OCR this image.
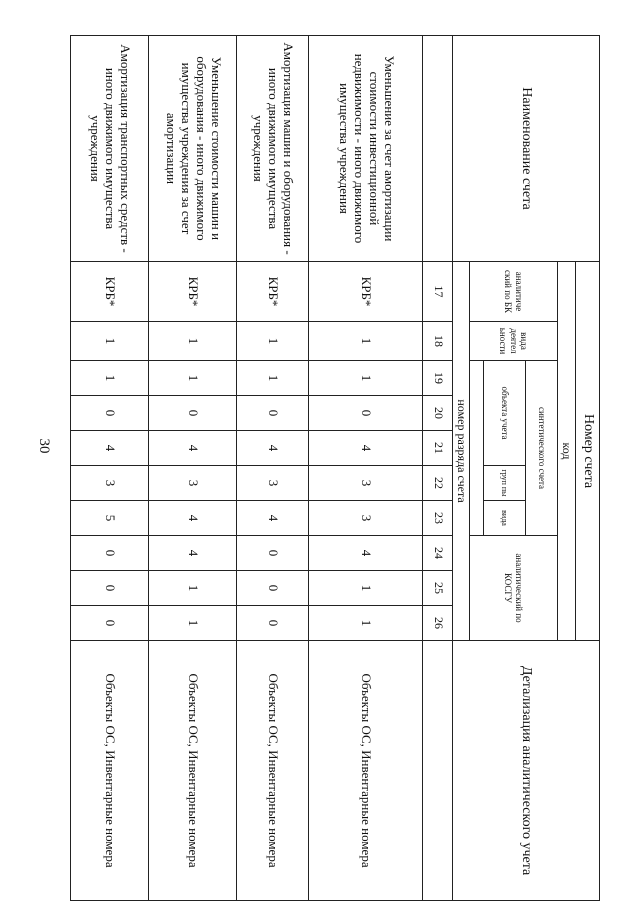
30
Наименование счета	Номер счета										Детализация аналитического учета
	код										
	аналитиче ский по БК	вида деятел ьности	синтетического счета					аналитический по КОСГУ			
			объекта учета			груп пы	вида				

	номер разряда счета										
	17	18	19	20	21	22	23	24	25	26	
Уменьшение за счет амортизации стоимости инвестиционной недвижимости - иного движимого имущества учреждения	КРБ*	1	1	0	4	3	3	4	1	1	Объекты ОС, Инвентарные номера
Амортизация машин и оборудования - иного движимого имущества учреждения	КРБ*	1	1	0	4	3	4	0	0	0	Объекты ОС, Инвентарные номера
Уменьшение стоимости машин и оборудования - иного движимого имущества учреждения за счет амортизации	КРБ*	1	1	0	4	3	4	4	1	1	Объекты ОС, Инвентарные номера
Амортизация транспортных средств - иного движимого имущества учреждения	КРБ*	1	1	0	4	3	5	0	0	0	Объекты ОС, Инвентарные номера
